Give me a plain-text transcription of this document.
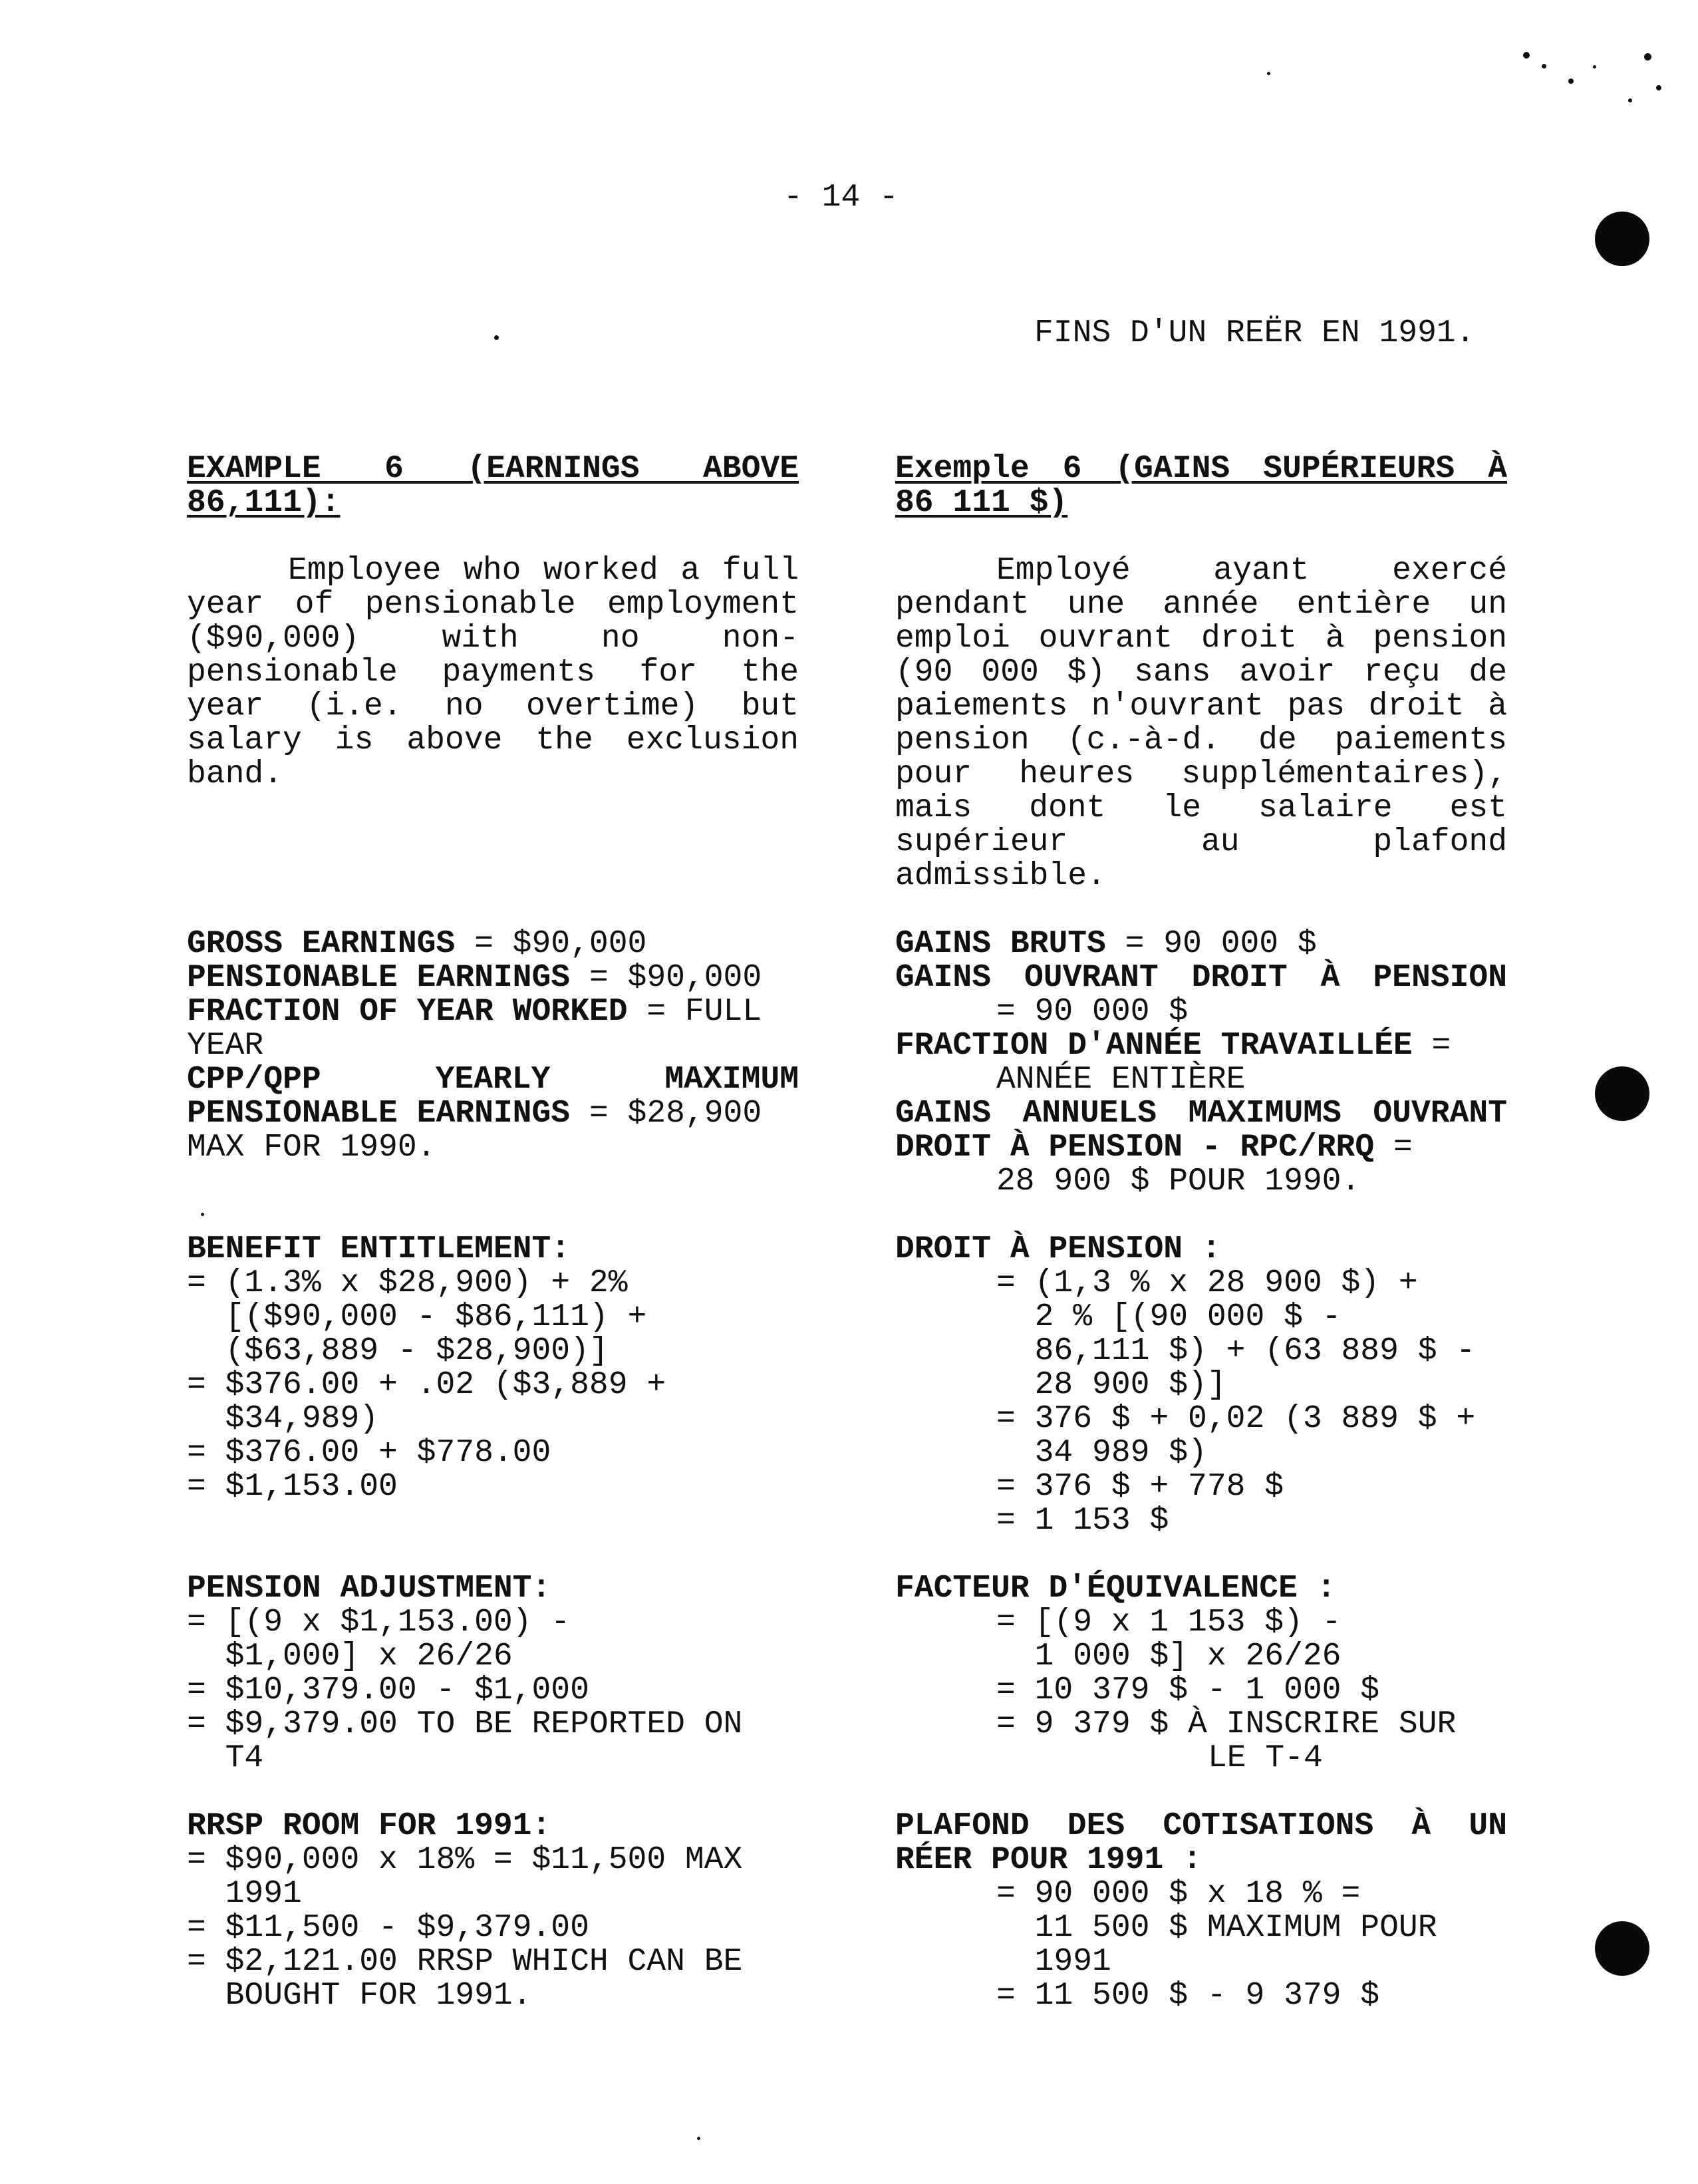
- 14 -
FINS D'UN REËR EN 1991.
EXAMPLE 6 (EARNINGS ABOVE
86,111):
Employee who worked a full
year of pensionable employment
($90,000) with no non-
pensionable payments for the
year (i.e. no overtime) but
salary is above the exclusion
band.
GROSS EARNINGS = $90,000
PENSIONABLE EARNINGS = $90,000
FRACTION OF YEAR WORKED = FULL
YEAR
CPP/QPP YEARLY MAXIMUM
PENSIONABLE EARNINGS = $28,900
MAX FOR 1990.
BENEFIT ENTITLEMENT:
= (1.3% x $28,900) + 2%
[($90,000 - $86,111) +
($63,889 - $28,900)]
= $376.00 + .02 ($3,889 +
$34,989)
= $376.00 + $778.00
= $1,153.00
PENSION ADJUSTMENT:
= [(9 x $1,153.00) -
$1,000] x 26/26
= $10,379.00 - $1,000
= $9,379.00 TO BE REPORTED ON
T4
RRSP ROOM FOR 1991:
= $90,000 x 18% = $11,500 MAX
1991
= $11,500 - $9,379.00
= $2,121.00 RRSP WHICH CAN BE
BOUGHT FOR 1991.
Exemple 6 (GAINS SUPÉRIEURS À
86 111 $)
Employé ayant exercé
pendant une année entière un
emploi ouvrant droit à pension
(90 000 $) sans avoir reçu de
paiements n'ouvrant pas droit à
pension (c.-à-d. de paiements
pour heures supplémentaires),
mais dont le salaire est
supérieur au plafond
admissible.
GAINS BRUTS = 90 000 $
GAINS OUVRANT DROIT À PENSION
= 90 000 $
FRACTION D'ANNÉE TRAVAILLÉE =
ANNÉE ENTIÈRE
GAINS ANNUELS MAXIMUMS OUVRANT
DROIT À PENSION - RPC/RRQ =
28 900 $ POUR 1990.
DROIT À PENSION :
= (1,3 % x 28 900 $) +
2 % [(90 000 $ -
86,111 $) + (63 889 $ -
28 900 $)]
= 376 $ + 0,02 (3 889 $ +
34 989 $)
= 376 $ + 778 $
= 1 153 $
FACTEUR D'ÉQUIVALENCE :
= [(9 x 1 153 $) -
1 000 $] x 26/26
= 10 379 $ - 1 000 $
= 9 379 $ À INSCRIRE SUR
LE T-4
PLAFOND DES COTISATIONS À UN
RÉER POUR 1991 :
= 90 000 $ x 18 % =
11 500 $ MAXIMUM POUR
1991
= 11 500 $ - 9 379 $
